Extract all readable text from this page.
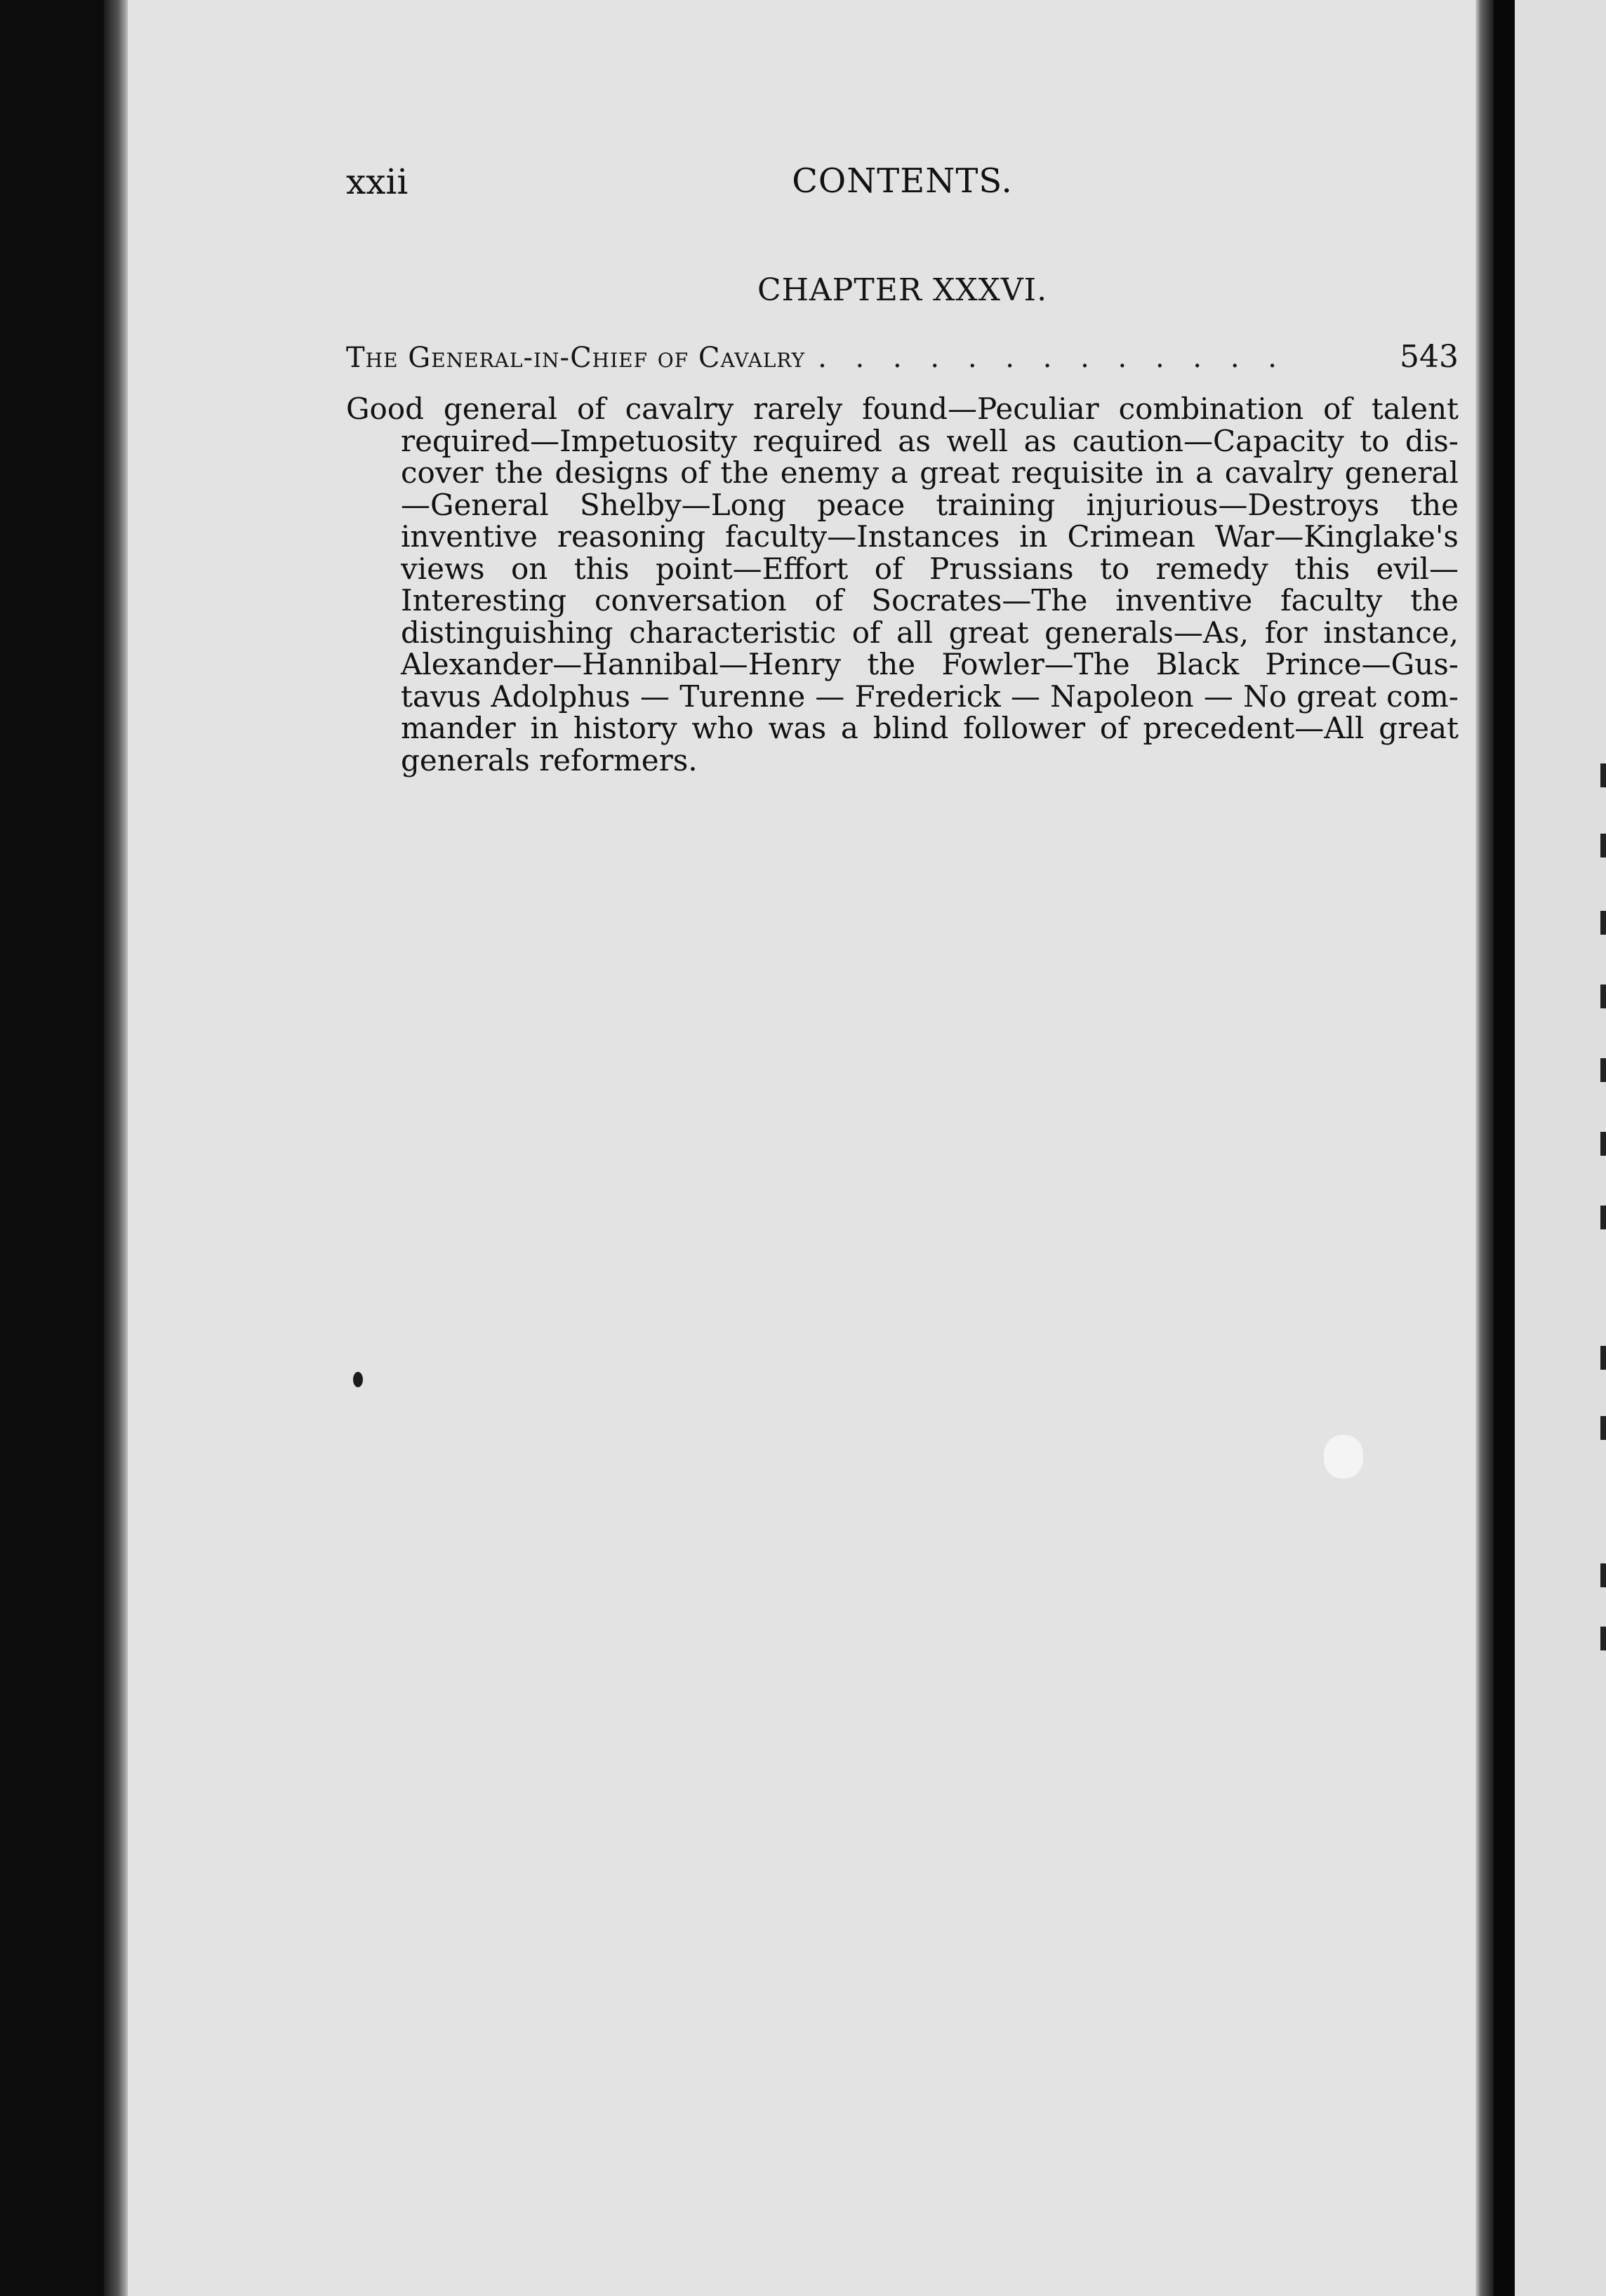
xxii	CONTENTS.
CHAPTER XXXVI.
The General-in-Chief of Cavalry . . . . . . . . . . . . .	543
Good general of cavalry rarely found—Peculiar combination of talent
required—Impetuosity required as well as caution—Capacity to dis-
cover the designs of the enemy a great requisite in a cavalry general
—General Shelby—Long peace training injurious—Destroys the
inventive reasoning faculty—Instances in Crimean War—Kinglake's
views on this point—Effort of Prussians to remedy this evil—
Interesting conversation of Socrates—The inventive faculty the
distinguishing characteristic of all great generals—As, for instance,
Alexander—Hannibal—Henry the Fowler—The Black Prince—Gus-
tavus Adolphus — Turenne — Frederick — Napoleon — No great com-
mander in history who was a blind follower of precedent—All great
generals reformers.
